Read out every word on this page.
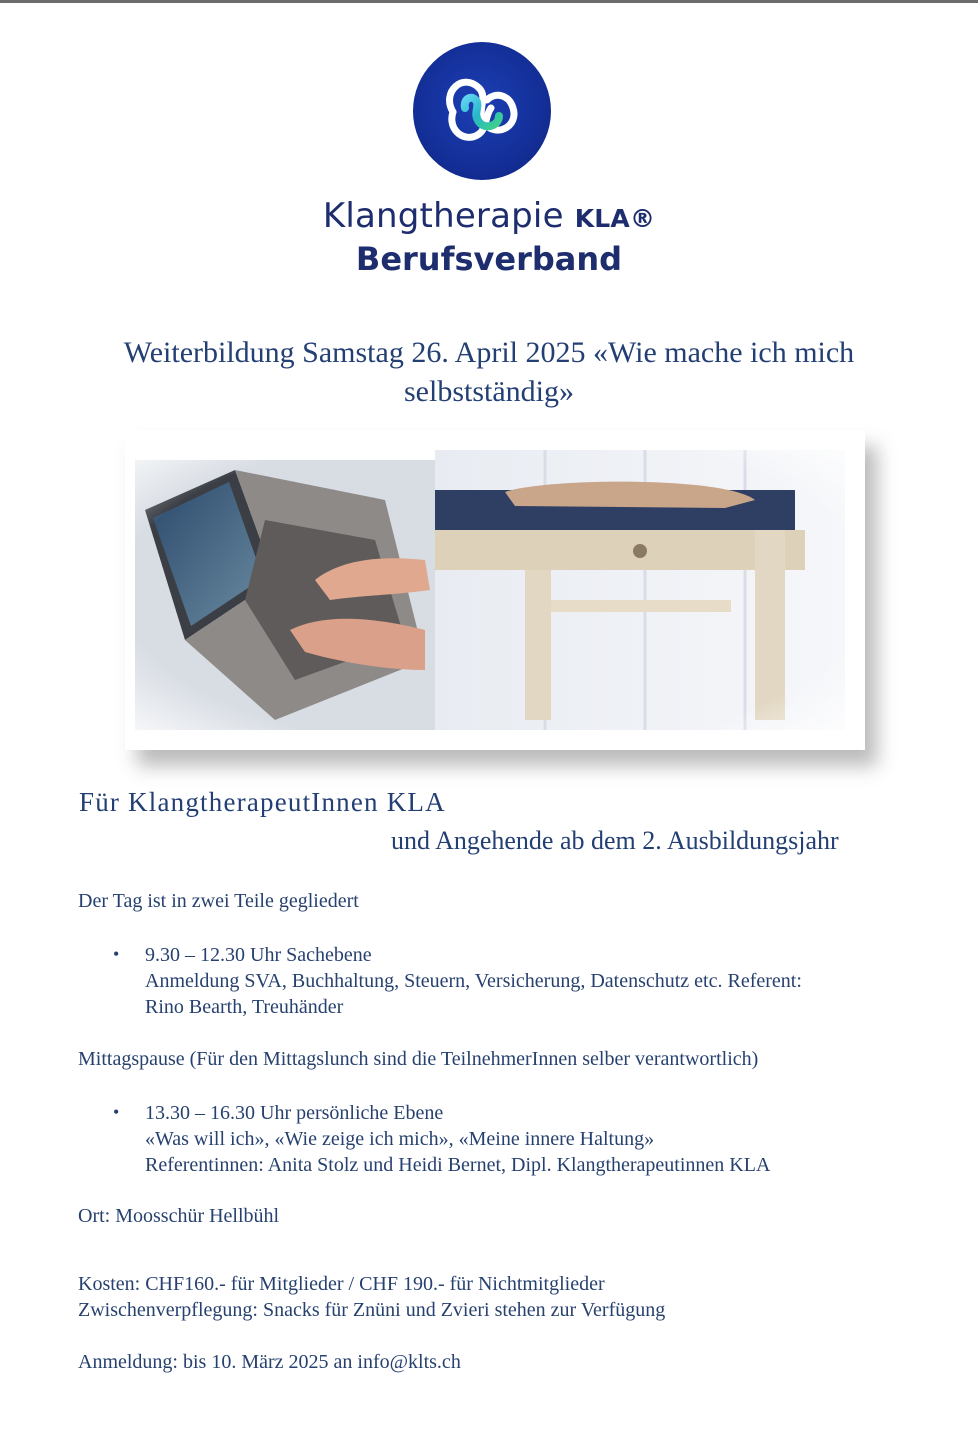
Klangtherapie KLA®
Berufsverband
Weiterbildung Samstag 26. April 2025 «Wie mache ich mich
selbstständig»
Für KlangtherapeutInnen KLA
und Angehende ab dem 2. Ausbildungsjahr
Der Tag ist in zwei Teile gegliedert
• 9.30 – 12.30 Uhr Sachebene
Anmeldung SVA, Buchhaltung, Steuern, Versicherung, Datenschutz etc. Referent:
Rino Bearth, Treuhänder
Mittagspause (Für den Mittagslunch sind die TeilnehmerInnen selber verantwortlich)
• 13.30 – 16.30 Uhr persönliche Ebene
«Was will ich», «Wie zeige ich mich», «Meine innere Haltung»
Referentinnen: Anita Stolz und Heidi Bernet, Dipl. Klangtherapeutinnen KLA
Ort: Moosschür Hellbühl
Kosten: CHF160.- für Mitglieder / CHF 190.- für Nichtmitglieder
Zwischenverpflegung: Snacks für Znüni und Zvieri stehen zur Verfügung
Anmeldung: bis 10. März 2025 an info@klts.ch
